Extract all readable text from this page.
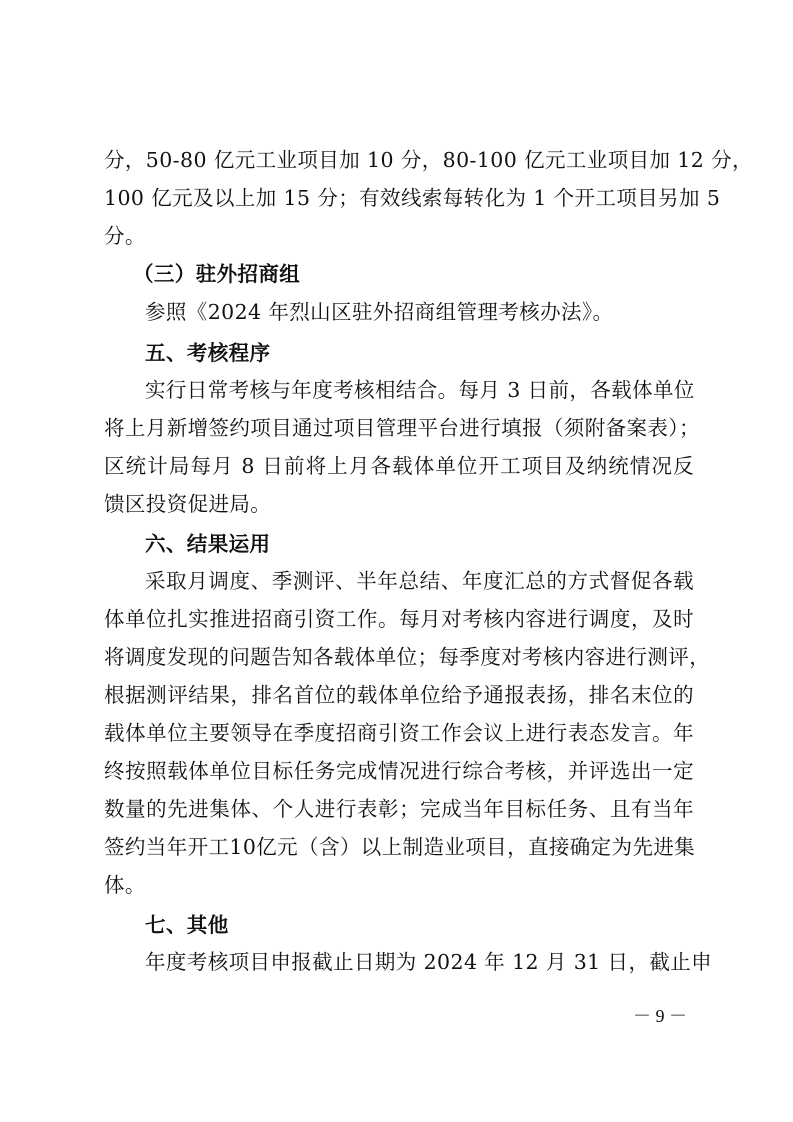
分，50-80 亿元工业项目加 10 分，80-100 亿元工业项目加 12 分，
100 亿元及以上加 15 分；有效线索每转化为 1 个开工项目另加 5
分。
（三）驻外招商组
参照《2024 年烈山区驻外招商组管理考核办法》。
五、考核程序
实行日常考核与年度考核相结合。每月 3 日前，各载体单位
将上月新增签约项目通过项目管理平台进行填报（须附备案表）；
区统计局每月 8 日前将上月各载体单位开工项目及纳统情况反
馈区投资促进局。
六、结果运用
采取月调度、季测评、半年总结、年度汇总的方式督促各载
体单位扎实推进招商引资工作。每月对考核内容进行调度，及时
将调度发现的问题告知各载体单位；每季度对考核内容进行测评，
根据测评结果，排名首位的载体单位给予通报表扬，排名末位的
载体单位主要领导在季度招商引资工作会议上进行表态发言。年
终按照载体单位目标任务完成情况进行综合考核，并评选出一定
数量的先进集体、个人进行表彰；完成当年目标任务、且有当年
签约当年开工10亿元（含）以上制造业项目，直接确定为先进集
体。
七、其他
年度考核项目申报截止日期为 2024 年 12 月 31 日，截止申
－ 9 －
